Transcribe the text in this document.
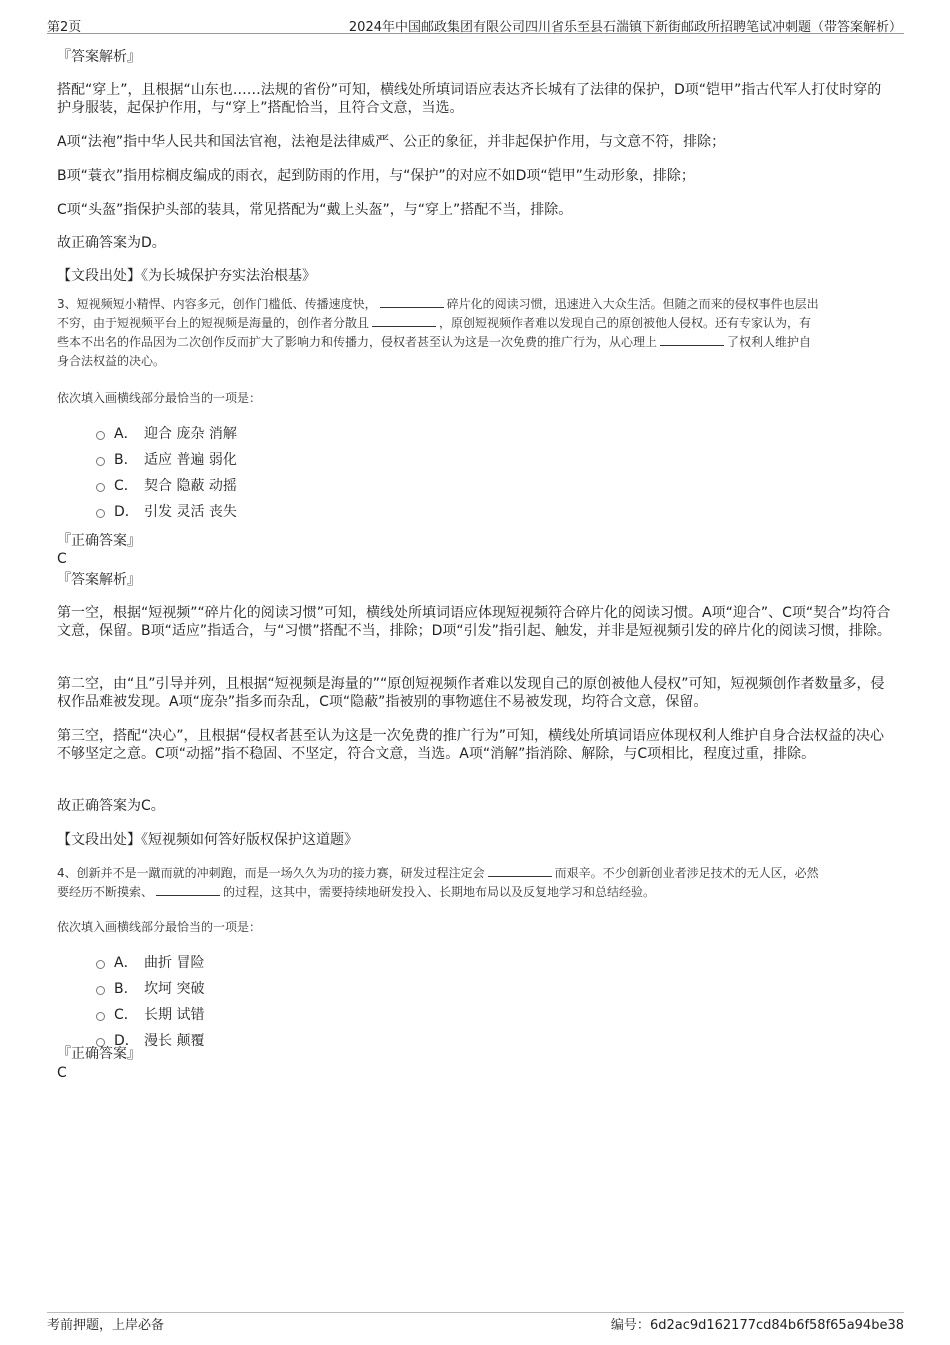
第2页	2024年中国邮政集团有限公司四川省乐至县石湍镇下新街邮政所招聘笔试冲刺题（带答案解析）
『答案解析』
搭配“穿上”，且根据“山东也……法规的省份”可知，横线处所填词语应表达齐长城有了法律的保护，D项“铠甲”指古代军人打仗时穿的护身服装，起保护作用，与“穿上”搭配恰当，且符合文意，当选。
A项“法袍”指中华人民共和国法官袍，法袍是法律威严、公正的象征，并非起保护作用，与文意不符，排除；
B项“蓑衣”指用棕榈皮编成的雨衣，起到防雨的作用，与“保护”的对应不如D项“铠甲”生动形象，排除；
C项“头盔”指保护头部的装具，常见搭配为“戴上头盔”，与“穿上”搭配不当，排除。
故正确答案为D。
【文段出处】《为长城保护夯实法治根基》
3、短视频短小精悍、内容多元，创作门槛低、传播速度快，	碎片化的阅读习惯，迅速进入大众生活。但随之而来的侵权事件也层出
不穷，由于短视频平台上的短视频是海量的，创作者分散且	，原创短视频作者难以发现自己的原创被他人侵权。还有专家认为，有
些本不出名的作品因为二次创作反而扩大了影响力和传播力，侵权者甚至认为这是一次免费的推广行为，从心理上	了权利人维护自
身合法权益的决心。
依次填入画横线部分最恰当的一项是：
A． 迎合 庞杂 消解
B.	适应 普遍 弱化
C． 契合 隐蔽 动摇
D． 引发 灵活 丧失
『正确答案』
C
『答案解析』
第一空，根据“短视频”“碎片化的阅读习惯”可知，横线处所填词语应体现短视频符合碎片化的阅读习惯。A项“迎合”、C项“契合”均符合文意，保留。B项“适应”指适合，与“习惯”搭配不当，排除；D项“引发”指引起、触发，并非是短视频引发的碎片化的阅读习惯，排除。
第二空，由“且”引导并列，且根据“短视频是海量的”“原创短视频作者难以发现自己的原创被他人侵权”可知，短视频创作者数量多，侵权作品难被发现。A项“庞杂”指多而杂乱，C项“隐蔽”指被别的事物遮住不易被发现，均符合文意，保留。
第三空，搭配“决心”，且根据“侵权者甚至认为这是一次免费的推广行为”可知，横线处所填词语应体现权利人维护自身合法权益的决心不够坚定之意。C项“动摇”指不稳固、不坚定，符合文意，当选。A项“消解”指消除、解除，与C项相比，程度过重，排除。
故正确答案为C。
【文段出处】《短视频如何答好版权保护这道题》
4、创新并不是一蹴而就的冲刺跑，而是一场久久为功的接力赛，研发过程注定会	而艰辛。不少创新创业者涉足技术的无人区，必然
要经历不断摸索、	的过程，这其中，需要持续地研发投入、长期地布局以及反复地学习和总结经验。
依次填入画横线部分最恰当的一项是：
A． 曲折 冒险
B.	坎坷 突破
C． 长期 试错
D． 漫长 颠覆
『正确答案』
C
考前押题，上岸必备	编号：6d2ac9d162177cd84b6f58f65a94be38
